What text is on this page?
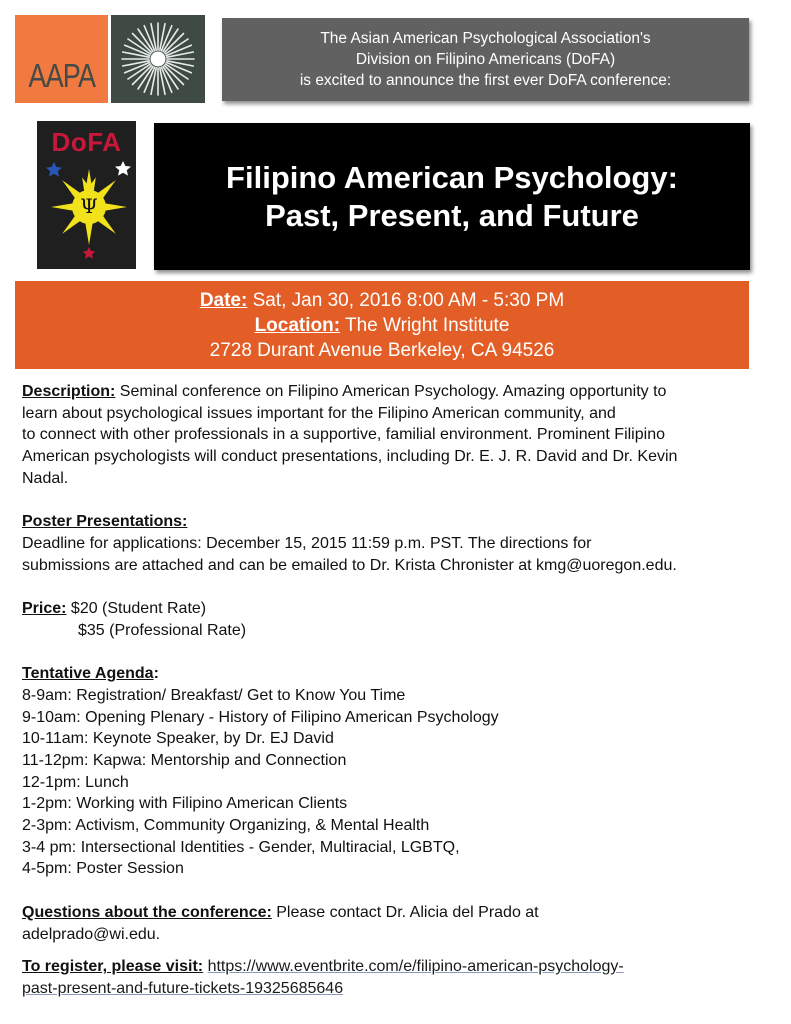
AAPA
The Asian American Psychological Association's
Division on Filipino Americans (DoFA)
is excited to announce the first ever DoFA conference:
DoFA
Ψ
Filipino American Psychology:
Past, Present, and Future
Date: Sat, Jan 30, 2016 8:00 AM - 5:30 PM
Location: The Wright Institute
2728 Durant Avenue Berkeley, CA 94526

Description: Seminal conference on Filipino American Psychology. Amazing opportunity to

learn about psychological issues important for the Filipino American community, and

to connect with other professionals in a supportive, familial environment. Prominent Filipino

American psychologists will conduct presentations, including Dr. E. J. R. David and Dr. Kevin

Nadal.

Poster Presentations:

Deadline for applications: December 15, 2015 11:59 p.m. PST. The directions for

submissions are attached and can be emailed to Dr. Krista Chronister at kmg@uoregon.edu.

Price: $20 (Student Rate)

$35 (Professional Rate)

Tentative Agenda:

8-9am: Registration/ Breakfast/ Get to Know You Time

9-10am: Opening Plenary - History of Filipino American Psychology

10-11am: Keynote Speaker, by Dr. EJ David

11-12pm: Kapwa: Mentorship and Connection

12-1pm: Lunch

1-2pm: Working with Filipino American Clients

2-3pm: Activism, Community Organizing, & Mental Health

3-4 pm: Intersectional Identities - Gender, Multiracial, LGBTQ,

4-5pm: Poster Session

Questions about the conference: Please contact Dr. Alicia del Prado at

adelprado@wi.edu.

To register, please visit: https://www.eventbrite.com/e/filipino-american-psychology-

past-present-and-future-tickets-19325685646
